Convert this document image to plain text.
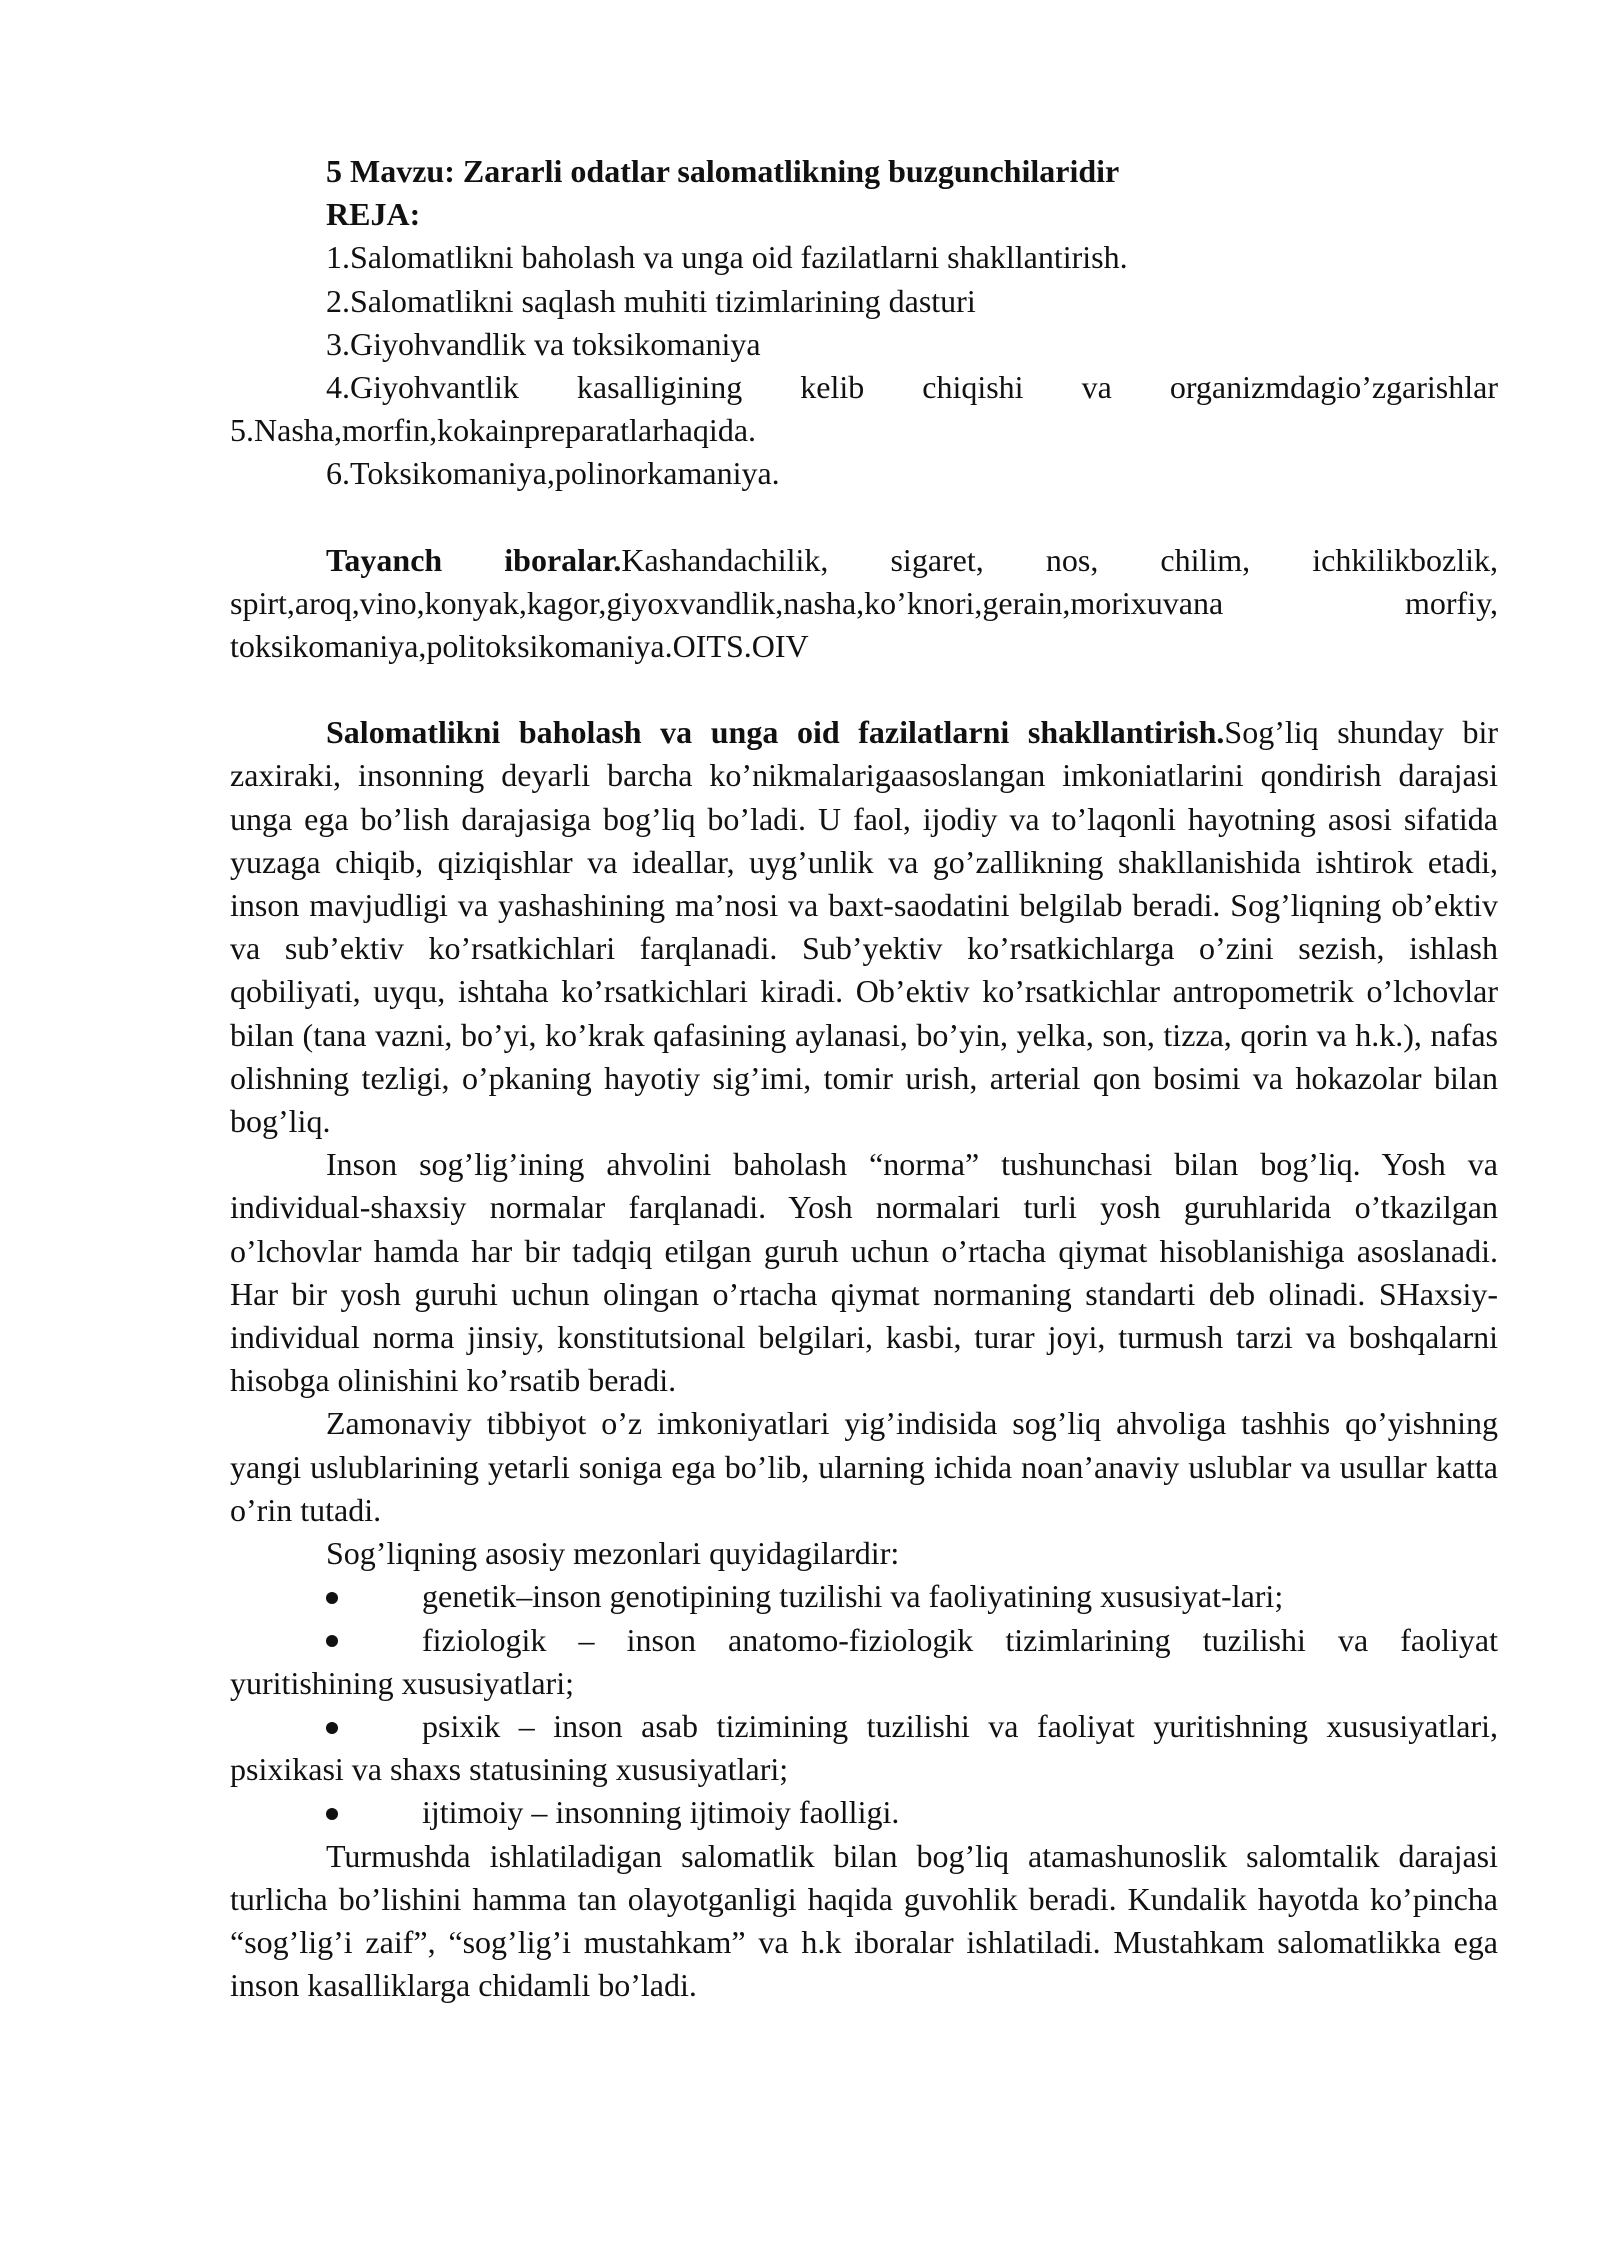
5 Mavzu: Zararli odatlar salomatlikning buzgunchilaridir
REJA:
1.Salomatlikni baholash va unga oid fazilatlarni shakllantirish.
2.Salomatlikni saqlash muhiti tizimlarining dasturi
3.Giyohvandlik va toksikomaniya
4.Giyohvantlik kasalligining kelib chiqishi va organizmdagio’zgarishlar
5.Nasha,morfin,kokainpreparatlarhaqida.
6.Toksikomaniya,polinorkamaniya.

Tayanch iboralar.Kashandachilik, sigaret, nos, chilim, ichkilikbozlik, spirt,aroq,vino,konyak,kagor,giyoxvandlik,nasha,ko’knori,gerain,morixuvana morfiy, toksikomaniya,politoksikomaniya.OITS.OIV

Salomatlikni baholash va unga oid fazilatlarni shakllantirish.Sog’liq shunday bir zaxiraki, insonning deyarli barcha ko’nikmalarigaasoslangan imkoniatlarini qondirish darajasi unga ega bo’lish darajasiga bog’liq bo’ladi. U faol, ijodiy va to’laqonli hayotning asosi sifatida yuzaga chiqib, qiziqishlar va ideallar, uyg’unlik va go’zallikning shakllanishida ishtirok etadi, inson mavjudligi va yashashining ma’nosi va baxt-saodatini belgilab beradi. Sog’liqning ob’ektiv va sub’ektiv ko’rsatkichlari farqlanadi. Sub’yektiv ko’rsatkichlarga o’zini sezish, ishlash qobiliyati, uyqu, ishtaha ko’rsatkichlari kiradi. Ob’ektiv ko’rsatkichlar antropometrik o’lchovlar bilan (tana vazni, bo’yi, ko’krak qafasining aylanasi, bo’yin, yelka, son, tizza, qorin va h.k.), nafas olishning tezligi, o’pkaning hayotiy sig’imi, tomir urish, arterial qon bosimi va hokazolar bilan bog’liq.

Inson sog’lig’ining ahvolini baholash “norma” tushunchasi bilan bog’liq. Yosh va individual-shaxsiy normalar farqlanadi. Yosh normalari turli yosh guruhlarida o’tkazilgan o’lchovlar hamda har bir tadqiq etilgan guruh uchun o’rtacha qiymat hisoblanishiga asoslanadi. Har bir yosh guruhi uchun olingan o’rtacha qiymat normaning standarti deb olinadi. SHaxsiy-individual norma jinsiy, konstitutsional belgilari, kasbi, turar joyi, turmush tarzi va boshqalarni hisobga olinishini ko’rsatib beradi.

Zamonaviy tibbiyot o’z imkoniyatlari yig’indisida sog’liq ahvoliga tashhis qo’yishning yangi uslublarining yetarli soniga ega bo’lib, ularning ichida noan’anaviy uslublar va usullar katta o’rin tutadi.

Sog’liqning asosiy mezonlari quyidagilardir:

genetik–inson genotipining tuzilishi va faoliyatining xususiyat-lari;

fiziologik – inson anatomo-fiziologik tizimlarining tuzilishi va faoliyat yuritishining xususiyatlari;

psixik – inson asab tizimining tuzilishi va faoliyat yuritishning xususiyatlari, psixikasi va shaxs statusining xususiyatlari;

ijtimoiy – insonning ijtimoiy faolligi.

Turmushda ishlatiladigan salomatlik bilan bog’liq atamashunoslik salomtalik darajasi turlicha bo’lishini hamma tan olayotganligi haqida guvohlik beradi. Kundalik hayotda ko’pincha “sog’lig’i zaif”, “sog’lig’i mustahkam” va h.k iboralar ishlatiladi. Mustahkam salomatlikka ega inson kasalliklarga chidamli bo’ladi.
